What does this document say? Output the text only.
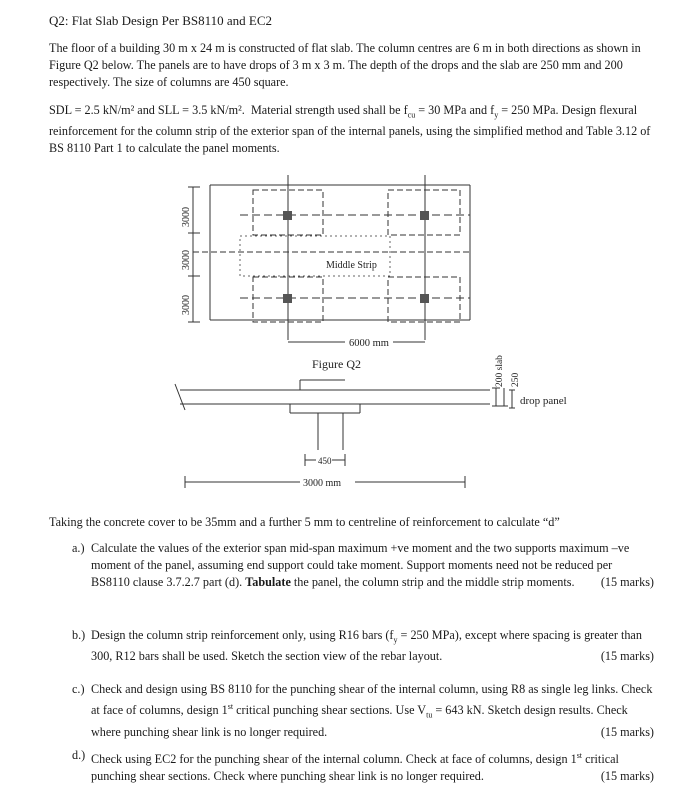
Q2: Flat Slab Design Per BS8110 and EC2
The floor of a building 30 m x 24 m is constructed of flat slab. The column centres are 6 m in both directions as shown in Figure Q2 below. The panels are to have drops of 3 m x 3 m. The depth of the drops and the slab are 250 mm and 200 respectively. The size of columns are 450 square.
SDL = 2.5 kN/m² and SLL = 3.5 kN/m². Material strength used shall be $f_{cu} = 30$ MPa and $f_y = 250$ MPa. Design flexural reinforcement for the column strip of the exterior span of the internal panels, using the simplified method and Table 3.12 of BS 8110 Part 1 to calculate the panel moments.
Middle Strip
6000 mm
Figure Q2
3000
3000
3000
450
3000 mm
200 slab 250
drop panel
Taking the concrete cover to be 35mm and a further 5 mm to centreline of reinforcement to calculate “d”
a.) Calculate the values of the exterior span mid-span maximum +ve moment and the two supports maximum –ve moment of the panel, assuming end support could take moment. Support moments need not be reduced per BS8110 clause 3.7.2.7 part (d). Tabulate the panel, the column strip and the middle strip moments. (15 marks)
b.) Design the column strip reinforcement only, using R16 bars ($f_y = 250$ MPa), except where spacing is greater than 300, R12 bars shall be used. Sketch the section view of the rebar layout.	(15 marks)
c.) Check and design using BS 8110 for the punching shear of the internal column, using R8 as single leg links. Check at face of columns, design 1st critical punching shear sections. Use $V_{tu} = 643$ kN. Sketch design results. Check where punching shear link is no longer required.	(15 marks)
d.) Check using EC2 for the punching shear of the internal column. Check at face of columns, design 1st critical punching shear sections. Check where punching shear link is no longer required.	(15 marks)
